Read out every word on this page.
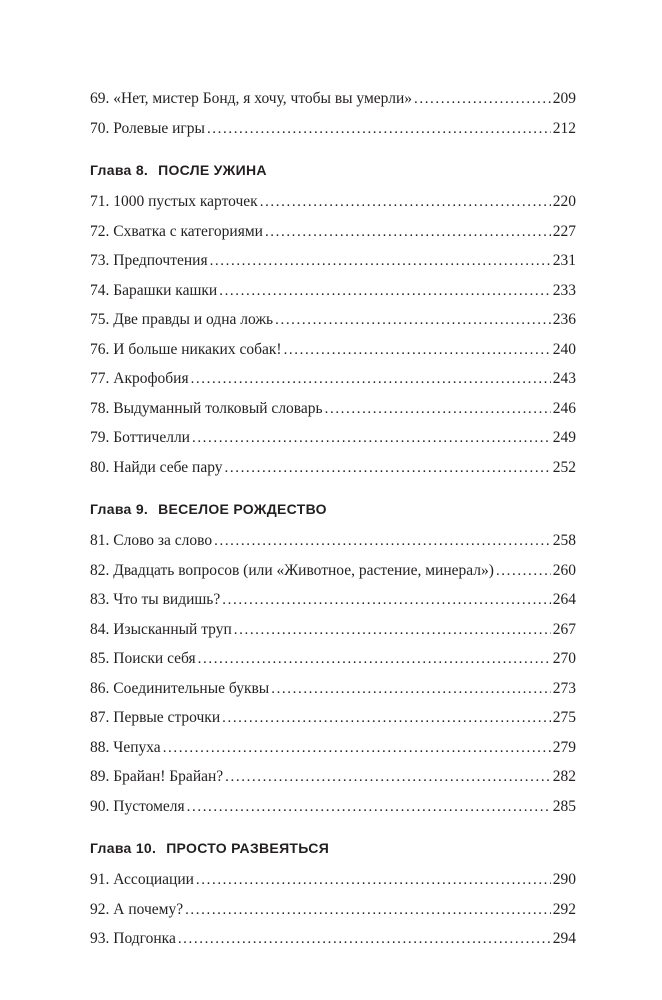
69. «Нет, мистер Бонд, я хочу, чтобы вы умерли» .....	209
70. Ролевые игры .....	212
Глава 8. ПОСЛЕ УЖИНА
71. 1000 пустых карточек .....	220
72. Схватка с категориями .....	227
73. Предпочтения .....	231
74. Барашки кашки .....	233
75. Две правды и одна ложь .....	236
76. И больше никаких собак! .....	240
77. Акрофобия .....	243
78. Выдуманный толковый словарь .....	246
79. Боттичелли .....	249
80. Найди себе пару .....	252
Глава 9. ВЕСЕЛОЕ РОЖДЕСТВО
81. Слово за слово .....	258
82. Двадцать вопросов (или «Животное, растение, минерал») .....	260
83. Что ты видишь? .....	264
84. Изысканный труп .....	267
85. Поиски себя .....	270
86. Соединительные буквы .....	273
87. Первые строчки .....	275
88. Чепуха .....	279
89. Брайан! Брайан? .....	282
90. Пустомеля .....	285
Глава 10. ПРОСТО РАЗВЕЯТЬСЯ
91. Ассоциации .....	290
92. А почему? .....	292
93. Подгонка .....	294
